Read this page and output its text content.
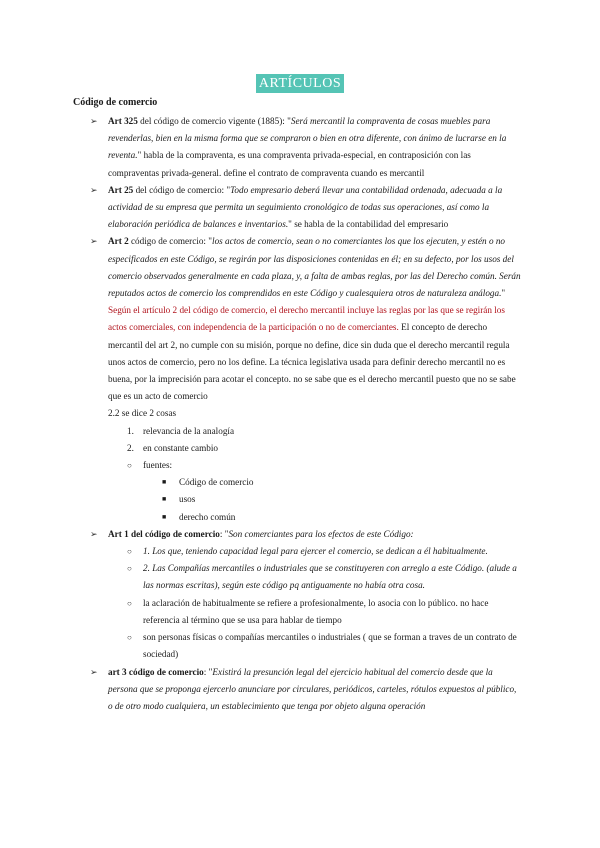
ARTÍCULOS
Código de comercio

➢ Art 325 del código de comercio vigente (1885): "Será mercantil la compraventa de cosas muebles para revenderlas, bien en la misma forma que se compraron o bien en otra diferente, con ánimo de lucrarse en la reventa." habla de la compraventa, es una compraventa privada-especial, en contraposición con las compraventas privada-general. define el contrato de compraventa cuando es mercantil

➢ Art 25 del código de comercio: "Todo empresario deberá llevar una contabilidad ordenada, adecuada a la actividad de su empresa que permita un seguimiento cronológico de todas sus operaciones, así como la elaboración periódica de balances e inventarios." se habla de la contabilidad del empresario

➢ Art 2 código de comercio: "los actos de comercio, sean o no comerciantes los que los ejecuten, y estén o no especificados en este Código, se regirán por las disposiciones contenidas en él; en su defecto, por los usos del comercio observados generalmente en cada plaza, y, a falta de ambas reglas, por las del Derecho común. Serán reputados actos de comercio los comprendidos en este Código y cualesquiera otros de naturaleza análoga." Según el artículo 2 del código de comercio, el derecho mercantil incluye las reglas por las que se regirán los actos comerciales, con independencia de la participación o no de comerciantes. El concepto de derecho mercantil del art 2, no cumple con su misión, porque no define, dice sin duda que el derecho mercantil regula unos actos de comercio, pero no los define. La técnica legislativa usada para definir derecho mercantil no es buena, por la imprecisión para acotar el concepto. no se sabe que es el derecho mercantil puesto que no se sabe que es un acto de comercio

2.2 se dice 2 cosas

1. relevancia de la analogía

2. en constante cambio

○ fuentes:

■ Código de comercio

■ usos

■ derecho común

➢ Art 1 del código de comercio: "Son comerciantes para los efectos de este Código:

○ 1. Los que, teniendo capacidad legal para ejercer el comercio, se dedican a él habitualmente.

○ 2. Las Compañías mercantiles o industriales que se constituyeren con arreglo a este Código. (alude a las normas escritas), según este código pq antiguamente no había otra cosa.

○ la aclaración de habitualmente se refiere a profesionalmente, lo asocia con lo público. no hace referencia al término que se usa para hablar de tiempo

○ son personas físicas o compañías mercantiles o industriales ( que se forman a traves de un contrato de sociedad)

➢ art 3 código de comercio: "Existirá la presunción legal del ejercicio habitual del comercio desde que la persona que se proponga ejercerlo anunciare por circulares, periódicos, carteles, rótulos expuestos al público, o de otro modo cualquiera, un establecimiento que tenga por objeto alguna operación
